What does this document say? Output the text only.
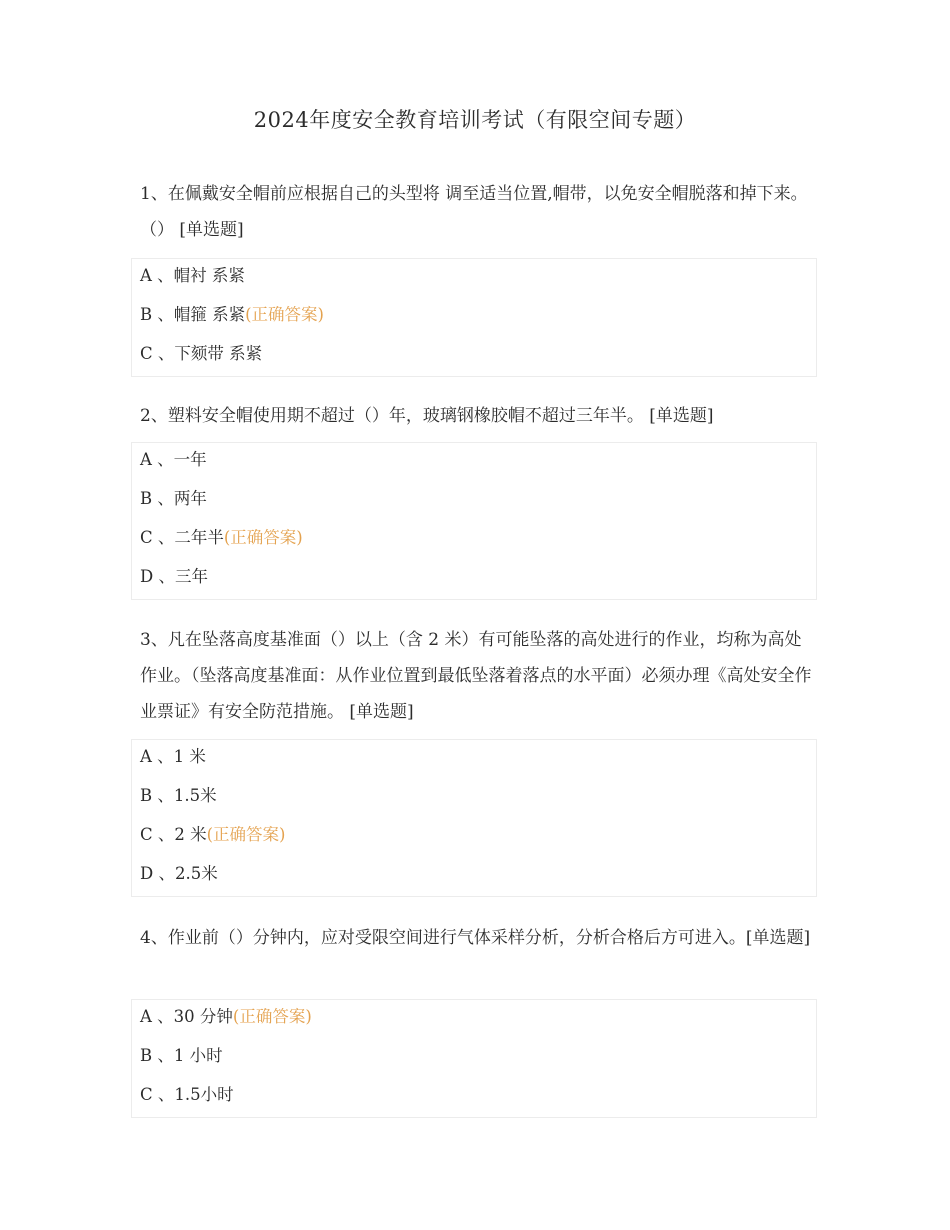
2024年度安全教育培训考试（有限空间专题）

1、在佩戴安全帽前应根据自己的头型将 调至适当位置,帽带，以免安全帽脱落和掉下来。（） [单选题]

A 、帽衬 系紧
B 、帽箍 系紧(正确答案)
C 、下颏带 系紧

2、塑料安全帽使用期不超过（）年，玻璃钢橡胶帽不超过三年半。 [单选题]

A 、一年
B 、两年
C 、二年半(正确答案)
D 、三年

3、凡在坠落高度基准面（）以上（含 2 米）有可能坠落的高处进行的作业，均称为高处作业。（坠落高度基准面：从作业位置到最低坠落着落点的水平面）必须办理《高处安全作业票证》有安全防范措施。 [单选题]

A 、1 米
B 、1.5米
C 、2 米(正确答案)
D 、2.5米

4、作业前（）分钟内，应对受限空间进行气体采样分析，分析合格后方可进入。[单选题]

A 、30 分钟(正确答案)
B 、1 小时
C 、1.5小时
